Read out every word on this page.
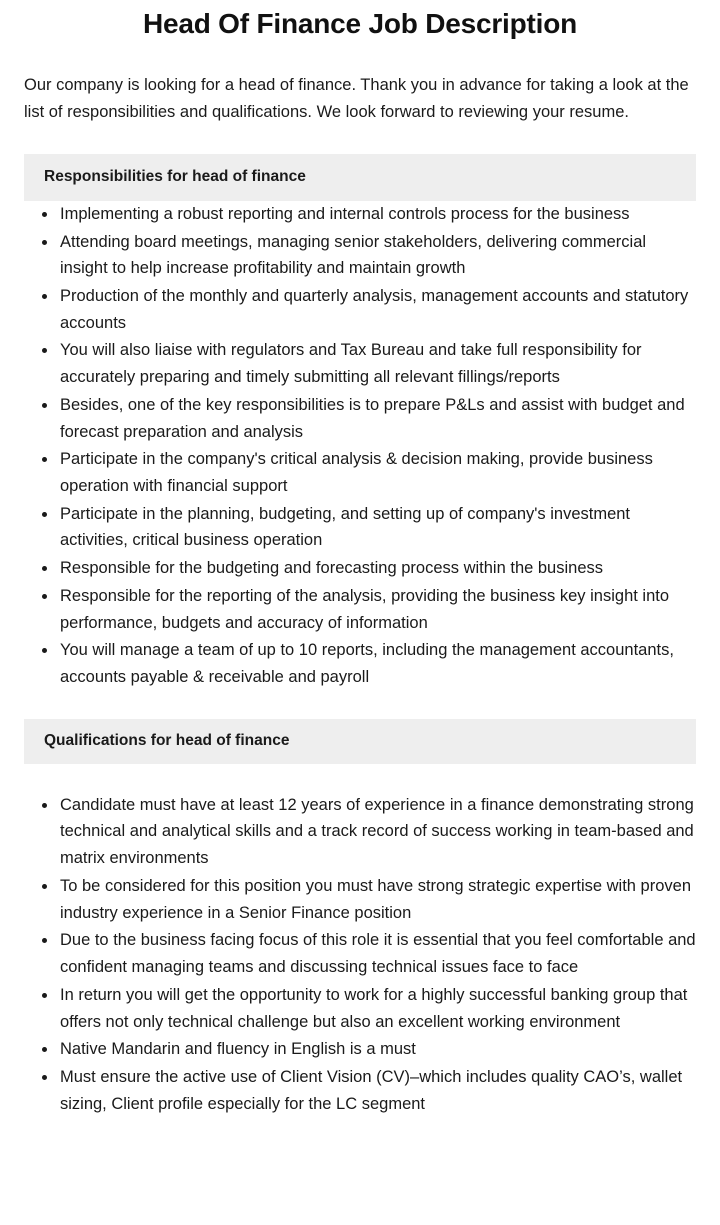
Head Of Finance Job Description

Our company is looking for a head of finance. Thank you in advance for taking a look at the list of responsibilities and qualifications. We look forward to reviewing your resume.

Responsibilities for head of finance
Implementing a robust reporting and internal controls process for the business
Attending board meetings, managing senior stakeholders, delivering commercial insight to help increase profitability and maintain growth
Production of the monthly and quarterly analysis, management accounts and statutory accounts
You will also liaise with regulators and Tax Bureau and take full responsibility for accurately preparing and timely submitting all relevant fillings/reports
Besides, one of the key responsibilities is to prepare P&Ls and assist with budget and forecast preparation and analysis
Participate in the company's critical analysis & decision making, provide business operation with financial support
Participate in the planning, budgeting, and setting up of company's investment activities, critical business operation
Responsible for the budgeting and forecasting process within the business
Responsible for the reporting of the analysis, providing the business key insight into performance, budgets and accuracy of information
You will manage a team of up to 10 reports, including the management accountants, accounts payable & receivable and payroll
Qualifications for head of finance
Candidate must have at least 12 years of experience in a finance demonstrating strong technical and analytical skills and a track record of success working in team-based and matrix environments
To be considered for this position you must have strong strategic expertise with proven industry experience in a Senior Finance position
Due to the business facing focus of this role it is essential that you feel comfortable and confident managing teams and discussing technical issues face to face
In return you will get the opportunity to work for a highly successful banking group that offers not only technical challenge but also an excellent working environment
Native Mandarin and fluency in English is a must
Must ensure the active use of Client Vision (CV)–which includes quality CAO’s, wallet sizing, Client profile especially for the LC segment
